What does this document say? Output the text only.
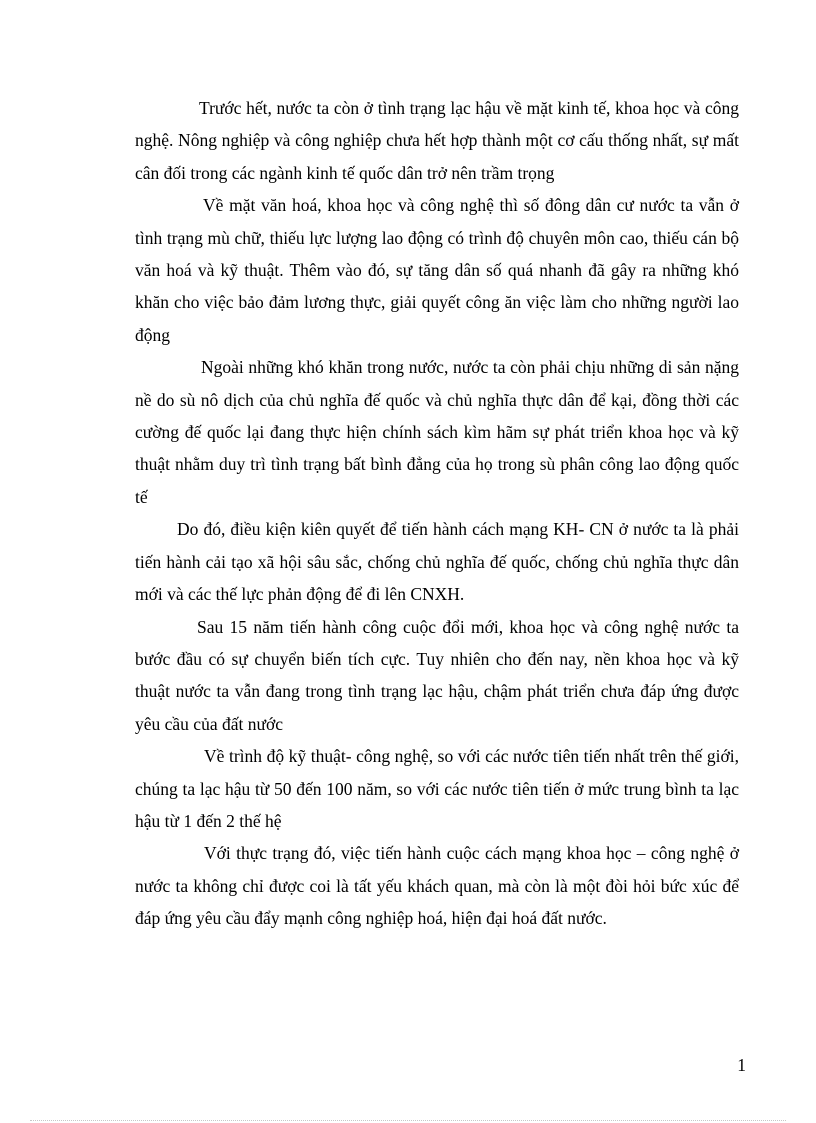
Trước hết, nước ta còn ở tình trạng lạc hậu về mặt kinh tế, khoa học và công nghệ. Nông nghiệp và công nghiệp chưa hết hợp thành một cơ cấu thống nhất, sự mất cân đối trong các ngành kinh tế quốc dân trở nên trầm trọng

Về mặt văn hoá, khoa học và công nghệ thì số đông dân cư nước ta vẫn ở tình trạng mù chữ, thiếu lực lượng lao động có trình độ chuyên môn cao, thiếu cán bộ văn hoá và kỹ thuật. Thêm vào đó, sự tăng dân số quá nhanh đã gây ra những khó khăn cho việc bảo đảm lương thực, giải quyết công ăn việc làm cho những người lao động

Ngoài những khó khăn trong nước, nước ta còn phải chịu những di sản nặng nề do sù nô dịch của chủ nghĩa đế quốc và chủ nghĩa thực dân để kại, đồng thời các cường đế quốc lại đang thực hiện chính sách kìm hãm sự phát triển khoa học và kỹ thuật nhằm duy trì tình trạng bất bình đẳng của họ trong sù phân công lao động quốc tế

Do đó, điều kiện kiên quyết để tiến hành cách mạng KH- CN ở nước ta là phải tiến hành cải tạo xã hội sâu sắc, chống chủ nghĩa đế quốc, chống chủ nghĩa thực dân mới và các thế lực phản động để đi lên CNXH.

Sau 15 năm tiến hành công cuộc đổi mới, khoa học và công nghệ nước ta bước đầu có sự chuyển biến tích cực. Tuy nhiên cho đến nay, nền khoa học và kỹ thuật nước ta vẫn đang trong tình trạng lạc hậu, chậm phát triển chưa đáp ứng được yêu cầu của đất nước

Về trình độ kỹ thuật- công nghệ, so với các nước tiên tiến nhất trên thế giới, chúng ta lạc hậu từ 50 đến 100 năm, so với các nước tiên tiến ở mức trung bình ta lạc hậu từ 1 đến 2 thế hệ

Với thực trạng đó, việc tiến hành cuộc cách mạng khoa học – công nghệ ở nước ta không chỉ được coi là tất yếu khách quan, mà còn là một đòi hỏi bức xúc để đáp ứng yêu cầu đẩy mạnh công nghiệp hoá, hiện đại hoá đất nước.

1
